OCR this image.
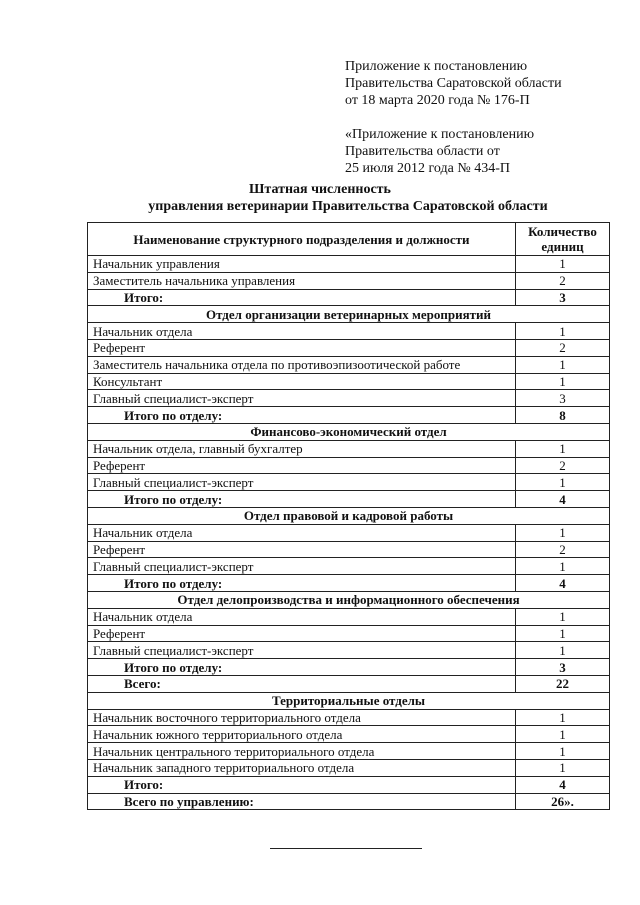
Приложение к постановлению
Правительства Саратовской области
от 18 марта 2020 года № 176-П
«Приложение к постановлению
Правительства области от
25 июля 2012 года № 434-П
Штатная численность
управления ветеринарии Правительства Саратовской области
Наименование структурного подразделения и должности	Количество единиц
Начальник управления	1
Заместитель начальника управления	2
Итого:	3
Отдел организации ветеринарных мероприятий	
Начальник отдела	1
Референт	2
Заместитель начальника отдела по противоэпизоотической работе	1
Консультант	1
Главный специалист-эксперт	3
Итого по отделу:	8
Финансово-экономический отдел	
Начальник отдела, главный бухгалтер	1
Референт	2
Главный специалист-эксперт	1
Итого по отделу:	4
Отдел правовой и кадровой работы	
Начальник отдела	1
Референт	2
Главный специалист-эксперт	1
Итого по отделу:	4
Отдел делопроизводства и информационного обеспечения	
Начальник отдела	1
Референт	1
Главный специалист-эксперт	1
Итого по отделу:	3
Всего:	22
Территориальные отделы	
Начальник восточного территориального отдела	1
Начальник южного территориального отдела	1
Начальник центрального территориального отдела	1
Начальник западного территориального отдела	1
Итого:	4
Всего по управлению:	26».
